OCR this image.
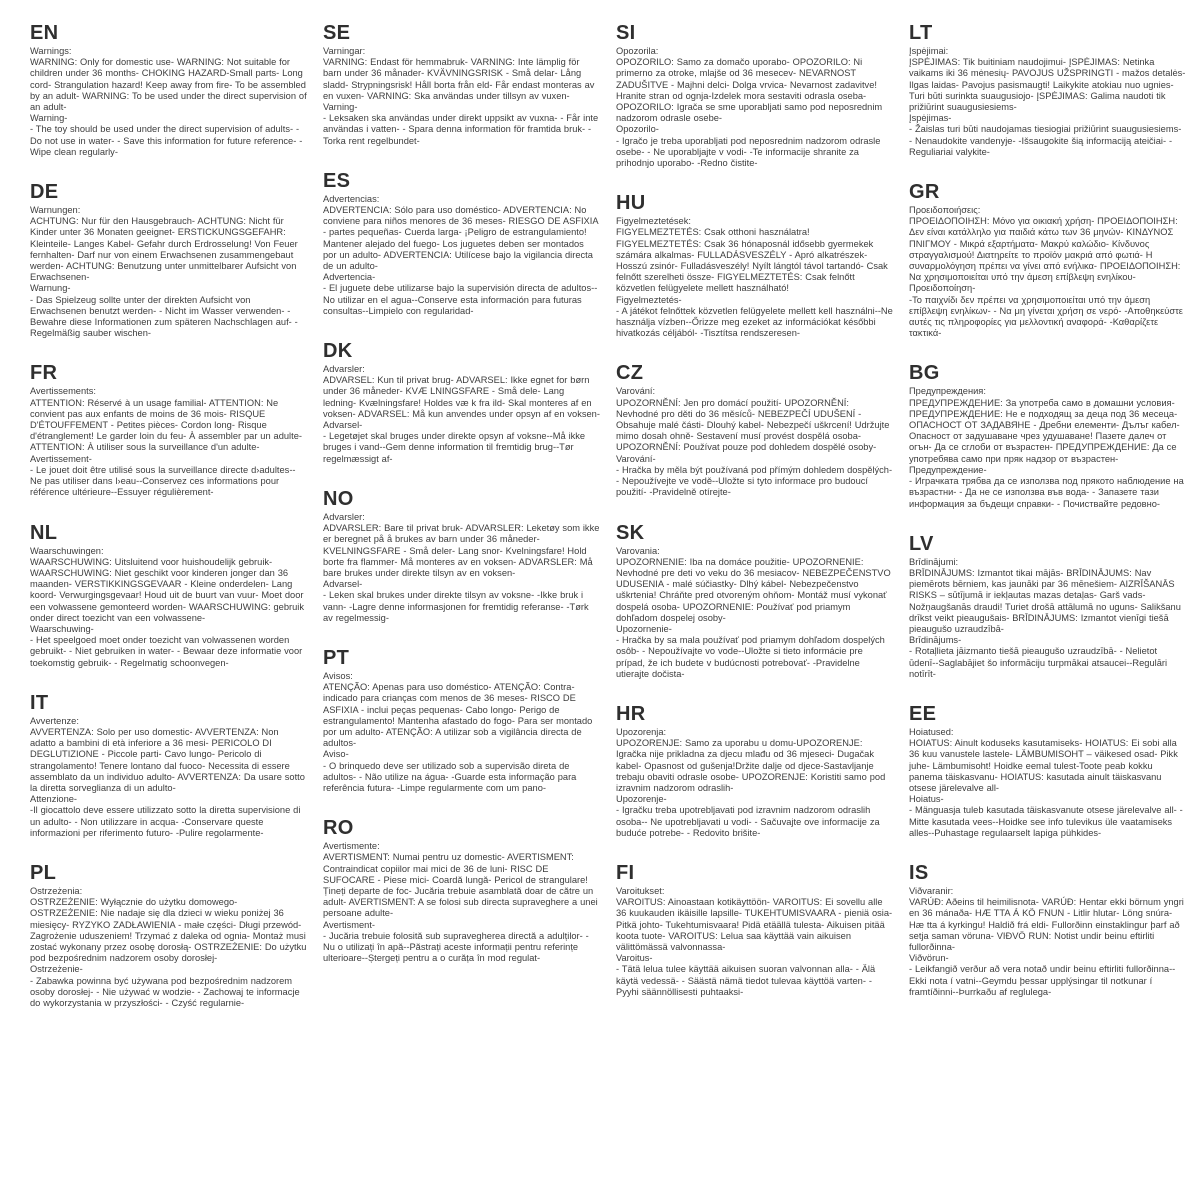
EN

Warnings:

WARNING: Only for domestic use- WARNING: Not suitable for children under 36 months- CHOKING HAZARD-Small parts- Long cord- Strangulation hazard! Keep away from fire- To be assembled by an adult- WARNING: To be used under the direct supervision of an adult-

Warning-

- The toy should be used under the direct supervision of adults- - Do not use in water- - Save this information for future reference- - Wipe clean regularly-

DE

Warnungen:

ACHTUNG: Nur für den Hausgebrauch- ACHTUNG: Nicht für Kinder unter 36 Monaten geeignet- ERSTICKUNGSGEFAHR: Kleinteile- Langes Kabel- Gefahr durch Erdrosselung! Von Feuer fernhalten- Darf nur von einem Erwachsenen zusammengebaut werden- ACHTUNG: Benutzung unter unmittelbarer Aufsicht von Erwachsenen-

Warnung-

- Das Spielzeug sollte unter der direkten Aufsicht von Erwachsenen benutzt werden- - Nicht im Wasser verwenden- -Bewahre diese Informationen zum späteren Nachschlagen auf- -Regelmäßig sauber wischen-

FR

Avertissements:

ATTENTION: Réservé à un usage familial- ATTENTION: Ne convient pas aux enfants de moins de 36 mois- RISQUE D'ÉTOUFFEMENT - Petites pièces- Cordon long- Risque d'étranglement! Le garder loin du feu- À assembler par un adulte- ATTENTION: À utiliser sous la surveillance d'un adulte-

Avertissement-

- Le jouet doit être utilisé sous la surveillance directe d›adultes--Ne pas utiliser dans l›eau--Conservez ces informations pour référence ultérieure--Essuyer régulièrement-

NL

Waarschuwingen:

WAARSCHUWING: Uitsluitend voor huishoudelijk gebruik- WAARSCHUWING: Niet geschikt voor kinderen jonger dan 36 maanden- VERSTIKKINGSGEVAAR - Kleine onderdelen- Lang koord- Verwurgingsgevaar! Houd uit de buurt van vuur- Moet door een volwassene gemonteerd worden- WAARSCHUWING: gebruik onder direct toezicht van een volwassene-

Waarschuwing-

- Het speelgoed moet onder toezicht van volwassenen worden gebruikt- - Niet gebruiken in water- - Bewaar deze informatie voor toekomstig gebruik- - Regelmatig schoonvegen-

IT

Avvertenze:

AVVERTENZA: Solo per uso domestic- AVVERTENZA: Non adatto a bambini di età inferiore a 36 mesi- PERICOLO DI DEGLUTIZIONE - Piccole parti- Cavo lungo- Pericolo di strangolamento! Tenere lontano dal fuoco- Necessita di essere assemblato da un individuo adulto- AVVERTENZA: Da usare sotto la diretta sorveglianza di un adulto-

Attenzione-

-Il giocattolo deve essere utilizzato sotto la diretta supervisione di un adulto- - Non utilizzare in acqua- -Conservare queste informazioni per riferimento futuro- -Pulire regolarmente-

PL

Ostrzeżenia:

OSTRZEŻENIE: Wyłącznie do użytku domowego- OSTRZEŻENIE: Nie nadaje się dla dzieci w wieku poniżej 36 miesięcy- RYZYKO ZADŁAWIENIA - małe części- Długi przewód- Zagrożenie uduszeniem! Trzymać z daleka od ognia- Montaż musi zostać wykonany przez osobę dorosłą- OSTRZEŻENIE: Do użytku pod bezpośrednim nadzorem osoby dorosłej-

Ostrzeżenie-

- Zabawka powinna być używana pod bezpośrednim nadzorem osoby dorosłej- - Nie używać w wodzie- - Zachowaj te informacje do wykorzystania w przyszłości- - Czyść regularnie-

SE

Varningar:

VARNING: Endast för hemmabruk- VARNING: Inte lämplig för barn under 36 månader- KVÄVNINGSRISK - Små delar- Lång sladd- Strypningsrisk! Håll borta från eld- Får endast monteras av en vuxen- VARNING: Ska användas under tillsyn av vuxen-

Varning-

- Leksaken ska användas under direkt uppsikt av vuxna- - Får inte användas i vatten- - Spara denna information för framtida bruk- - Torka rent regelbundet-

ES

Advertencias:

ADVERTENCIA: Sólo para uso doméstico- ADVERTENCIA: No conviene para niños menores de 36 meses- RIESGO DE ASFIXIA - partes pequeñas- Cuerda larga- ¡Peligro de estrangulamiento! Mantener alejado del fuego- Los juguetes deben ser montados por un adulto- ADVERTENCIA: Utilícese bajo la vigilancia directa de un adulto-

Advertencia-

- El juguete debe utilizarse bajo la supervisión directa de adultos--No utilizar en el agua--Conserve esta información para futuras consultas--Limpielo con regularidad-

DK

Advarsler:

ADVARSEL: Kun til privat brug- ADVARSEL: Ikke egnet for børn under 36 måneder- KVÆ LNINGSFARE - Små dele- Lang ledning- Kvælningsfare! Holdes væ k fra ild- Skal monteres af en voksen- ADVARSEL: Må kun anvendes under opsyn af en voksen-

Advarsel-

- Legetøjet skal bruges under direkte opsyn af voksne--Må ikke bruges i vand--Gem denne information til fremtidig brug--Tør regelmæssigt af-

NO

Advarsler:

ADVARSLER: Bare til privat bruk- ADVARSLER: Leketøy som ikke er beregnet på å brukes av barn under 36 måneder- KVELNINGSFARE - Små deler- Lang snor- Kvelningsfare! Hold borte fra flammer- Må monteres av en voksen- ADVARSLER: Må bare brukes under direkte tilsyn av en voksen-

Advarsel-

- Leken skal brukes under direkte tilsyn av voksne- -Ikke bruk i vann- -Lagre denne informasjonen for fremtidig referanse- -Tørk av regelmessig-

PT

Avisos:

ATENÇÃO: Apenas para uso doméstico- ATENÇÃO: Contra-indicado para crianças com menos de 36 meses- RISCO DE ASFIXIA - inclui peças pequenas- Cabo longo- Perigo de estrangulamento! Mantenha afastado do fogo- Para ser montado por um adulto- ATENÇÃO: A utilizar sob a vigilância directa de adultos-

Aviso-

- O brinquedo deve ser utilizado sob a supervisão direta de adultos- - Não utilize na água- -Guarde esta informação para referência futura- -Limpe regularmente com um pano-

RO

Avertismente:

AVERTISMENT: Numai pentru uz domestic- AVERTISMENT: Contraindicat copiilor mai mici de 36 de luni- RISC DE SUFOCARE - Piese mici- Coardă lungă- Pericol de strangulare! Țineți departe de foc- Jucăria trebuie asamblată doar de către un adult- AVERTISMENT: A se folosi sub directa supraveghere a unei persoane adulte-

Avertisment-

- Jucăria trebuie folosită sub supravegherea directă a adulților- - Nu o utilizați în apă--Păstrați aceste informații pentru referințe ulterioare--Ștergeți pentru a o curăța în mod regulat-

SI

Opozorila:

OPOZORILO: Samo za domačo uporabo- OPOZORILO: Ni primerno za otroke, mlajše od 36 mesecev- NEVARNOST ZADUŠITVE - Majhni delci- Dolga vrvica- Nevarnost zadavitve! Hranite stran od ognja-Izdelek mora sestaviti odrasla oseba- OPOZORILO: Igrača se sme uporabljati samo pod neposrednim nadzorom odrasle osebe-

Opozorilo-

- Igračo je treba uporabljati pod neposrednim nadzorom odrasle osebe- - Ne uporabljajte v vodi- -Te informacije shranite za prihodnjo uporabo- -Redno čistite-

HU

Figyelmeztetések:

FIGYELMEZTETÉS: Csak otthoni használatra! FIGYELMEZTETÉS: Csak 36 hónaposnál idősebb gyermekek számára alkalmas- FULLADÁSVESZÉLY - Apró alkatrészek- Hosszú zsinór- Fulladásveszély! Nyílt lángtól távol tartandó- Csak felnőtt szerelheti össze- FIGYELMEZTETÉS: Csak felnőtt közvetlen felügyelete mellett használható!

Figyelmeztetés-

- A játékot felnőttek közvetlen felügyelete mellett kell használni--Ne használja vízben--Őrizze meg ezeket az információkat későbbi hivatkozás céljából- -Tisztítsa rendszeresen-

CZ

Varování:

UPOZORNĚNÍ: Jen pro domácí použití- UPOZORNĚNÍ: Nevhodné pro děti do 36 měsíců- NEBEZPEČÍ UDUŠENÍ - Obsahuje malé části- Dlouhý kabel- Nebezpečí uškrcení! Udržujte mimo dosah ohně- Sestavení musí provést dospělá osoba- UPOZORNĚNÍ: Používat pouze pod dohledem dospělé osoby-

Varování-

- Hračka by měla být používaná pod přímým dohledem dospělých- - Nepoužívejte ve vodě--Uložte si tyto informace pro budoucí použití- -Pravidelně otírejte-

SK

Varovania:

UPOZORNENIE: Iba na domáce použitie- UPOZORNENIE: Nevhodné pre deti vo veku do 36 mesiacov- NEBEZPEČENSTVO UDUSENIA - malé súčiastky- Dlhý kábel- Nebezpečenstvo uškrtenia! Chráňte pred otvoreným ohňom- Montáž musí vykonať dospelá osoba- UPOZORNENIE: Používať pod priamym dohľadom dospelej osoby-

Upozornenie-

- Hračka by sa mala používať pod priamym dohľadom dospelých osôb- - Nepoužívajte vo vode--Uložte si tieto informácie pre prípad, že ich budete v budúcnosti potrebovať- -Pravidelne utierajte dočista-

HR

Upozorenja:

UPOZORENJE: Samo za uporabu u domu-UPOZORENJE: Igračka nije prikladna za djecu mlađu od 36 mjeseci- Dugačak kabel- Opasnost od gušenja!Držite dalje od djece-Sastavljanje trebaju obaviti odrasle osobe- UPOZORENJE: Koristiti samo pod izravnim nadzorom odraslih-

Upozorenje-

- Igračku treba upotrebljavati pod izravnim nadzorom odraslih osoba-- Ne upotrebljavati u vodi- - Sačuvajte ove informacije za buduće potrebe- - Redovito brišite-

FI

Varoitukset:

VAROITUS: Ainoastaan kotikäyttöön- VAROITUS: Ei sovellu alle 36 kuukauden ikäisille lapsille- TUKEHTUMISVAARA - pieniä osia- Pitkä johto- Tukehtumisvaara! Pidä etäällä tulesta- Aikuisen pitää koota tuote- VAROITUS: Lelua saa käyttää vain aikuisen välittömässä valvonnassa-

Varoitus-

- Tätä lelua tulee käyttää aikuisen suoran valvonnan alla- - Älä käytä vedessä- - Säästä nämä tiedot tulevaa käyttöä varten- - Pyyhi säännöllisesti puhtaaksi-

LT

Įspėjimai:

ĮSPĖJIMAS: Tik buitiniam naudojimui- ĮSPĖJIMAS: Netinka vaikams iki 36 mėnesių- PAVOJUS UŽSPRINGTI - mažos detalės- Ilgas laidas- Pavojus pasismaugti! Laikykite atokiau nuo ugnies- Turi būti surinkta suaugusiojo- ĮSPĖJIMAS: Galima naudoti tik prižiūrint suaugusiesiems-

Įspėjimas-

- Žaislas turi būti naudojamas tiesiogiai prižiūrint suaugusiesiems- - Nenaudokite vandenyje- -Išsaugokite šią informaciją ateičiai- -Reguliariai valykite-

GR

Προειδοποιήσεις:

ΠΡΟΕΙΔΟΠΟΙΗΣΗ: Μόνο για οικιακή χρήση- ΠΡΟΕΙΔΟΠΟΙΗΣΗ: Δεν είναι κατάλληλο για παιδιά κάτω των 36 μηνών- ΚΙΝΔΥΝΟΣ ΠΝΙΓΜΟΥ - Μικρά εξαρτήματα- Μακρύ καλώδιο- Κίνδυνος στραγγαλισμού! Διατηρείτε το προϊόν μακριά από φωτιά- Η συναρμολόγηση πρέπει να γίνει από ενήλικα- ΠΡΟΕΙΔΟΠΟΙΗΣΗ: Να χρησιμοποιείται υπό την άμεση επίβλεψη ενηλίκου-

Προειδοποίηση-

-Το παιχνίδι δεν πρέπει να χρησιμοποιείται υπό την άμεση επίβλεψη ενηλίκων- - Να μη γίνεται χρήση σε νερό- -Αποθηκεύστε αυτές τις πληροφορίες για μελλοντική αναφορά- -Καθαρίζετε τακτικά-

BG

Предупреждения:

ПРЕДУПРЕЖДЕНИЕ: За употреба само в домашни условия- ПРЕДУПРЕЖДЕНИЕ: Не е подходящ за деца под 36 месеца- ОПАСНОСТ ОТ ЗАДАВЯНЕ - Дребни елементи- Дълъг кабел- Опасност от задушаване чрез удушаване! Пазете далеч от огън- Да се сглоби от възрастен- ПРЕДУПРЕЖДЕНИЕ: Да се употребява само при пряк надзор от възрастен-

Предупреждение-

- Играчката трябва да се използва под прякото наблюдение на възрастни- - Да не се използва във вода- - Запазете тази информация за бъдещи справки- - Почиствайте редовно-

LV

Brīdinājumi:

BRĪDINĀJUMS: Izmantot tikai mājās- BRĪDINĀJUMS: Nav piemērots bērniem, kas jaunāki par 36 mēnešiem- AIZRĪŠANĀS RISKS – sūtījumā ir iekļautas mazas detaļas- Garš vads- Nožņaugšanās draudi! Turiet drošā attālumā no uguns- Salikšanu drīkst veikt pieaugušais- BRĪDINĀJUMS: Izmantot vienīgi tiešā pieaugušo uzraudzībā-

Brīdinājums-

- Rotaļlieta jāizmanto tiešā pieaugušo uzraudzībā- - Nelietot ūdenī--Saglabājiet šo informāciju turpmākai atsaucei--Regulāri notīrīt-

EE

Hoiatused:

HOIATUS: Ainult koduseks kasutamiseks- HOIATUS: Ei sobi alla 36 kuu vanustele lastele- LÄMBUMISOHT – väikesed osad- Pikk juhe- Lämbumisoht! Hoidke eemal tulest-Toote peab kokku panema täiskasvanu- HOIATUS: kasutada ainult täiskasvanu otsese järelevalve all-

Hoiatus-

- Mänguasja tuleb kasutada täiskasvanute otsese järelevalve all- - Mitte kasutada vees--Hoidke see info tulevikus üle vaatamiseks alles--Puhastage regulaarselt lapiga pühkides-

IS

Viðvaranir:

VARÚÐ: Aðeins til heimilisnota- VARÚÐ: Hentar ekki börnum yngri en 36 mánaða- HÆ TTA Á KÖ FNUN - Litlir hlutar- Löng snúra- Hæ tta á kyrkingu! Haldið frá eldi- Fullorðinn einstaklingur þarf að setja saman vöruna- VIÐVÖ RUN: Notist undir beinu eftirliti fullorðinna-

Viðvörun-

- Leikfangið verður að vera notað undir beinu eftirliti fullorðinna--Ekki nota í vatni--Geymdu þessar upplýsingar til notkunar í framtíðinni--Þurrkaðu af reglulega-
